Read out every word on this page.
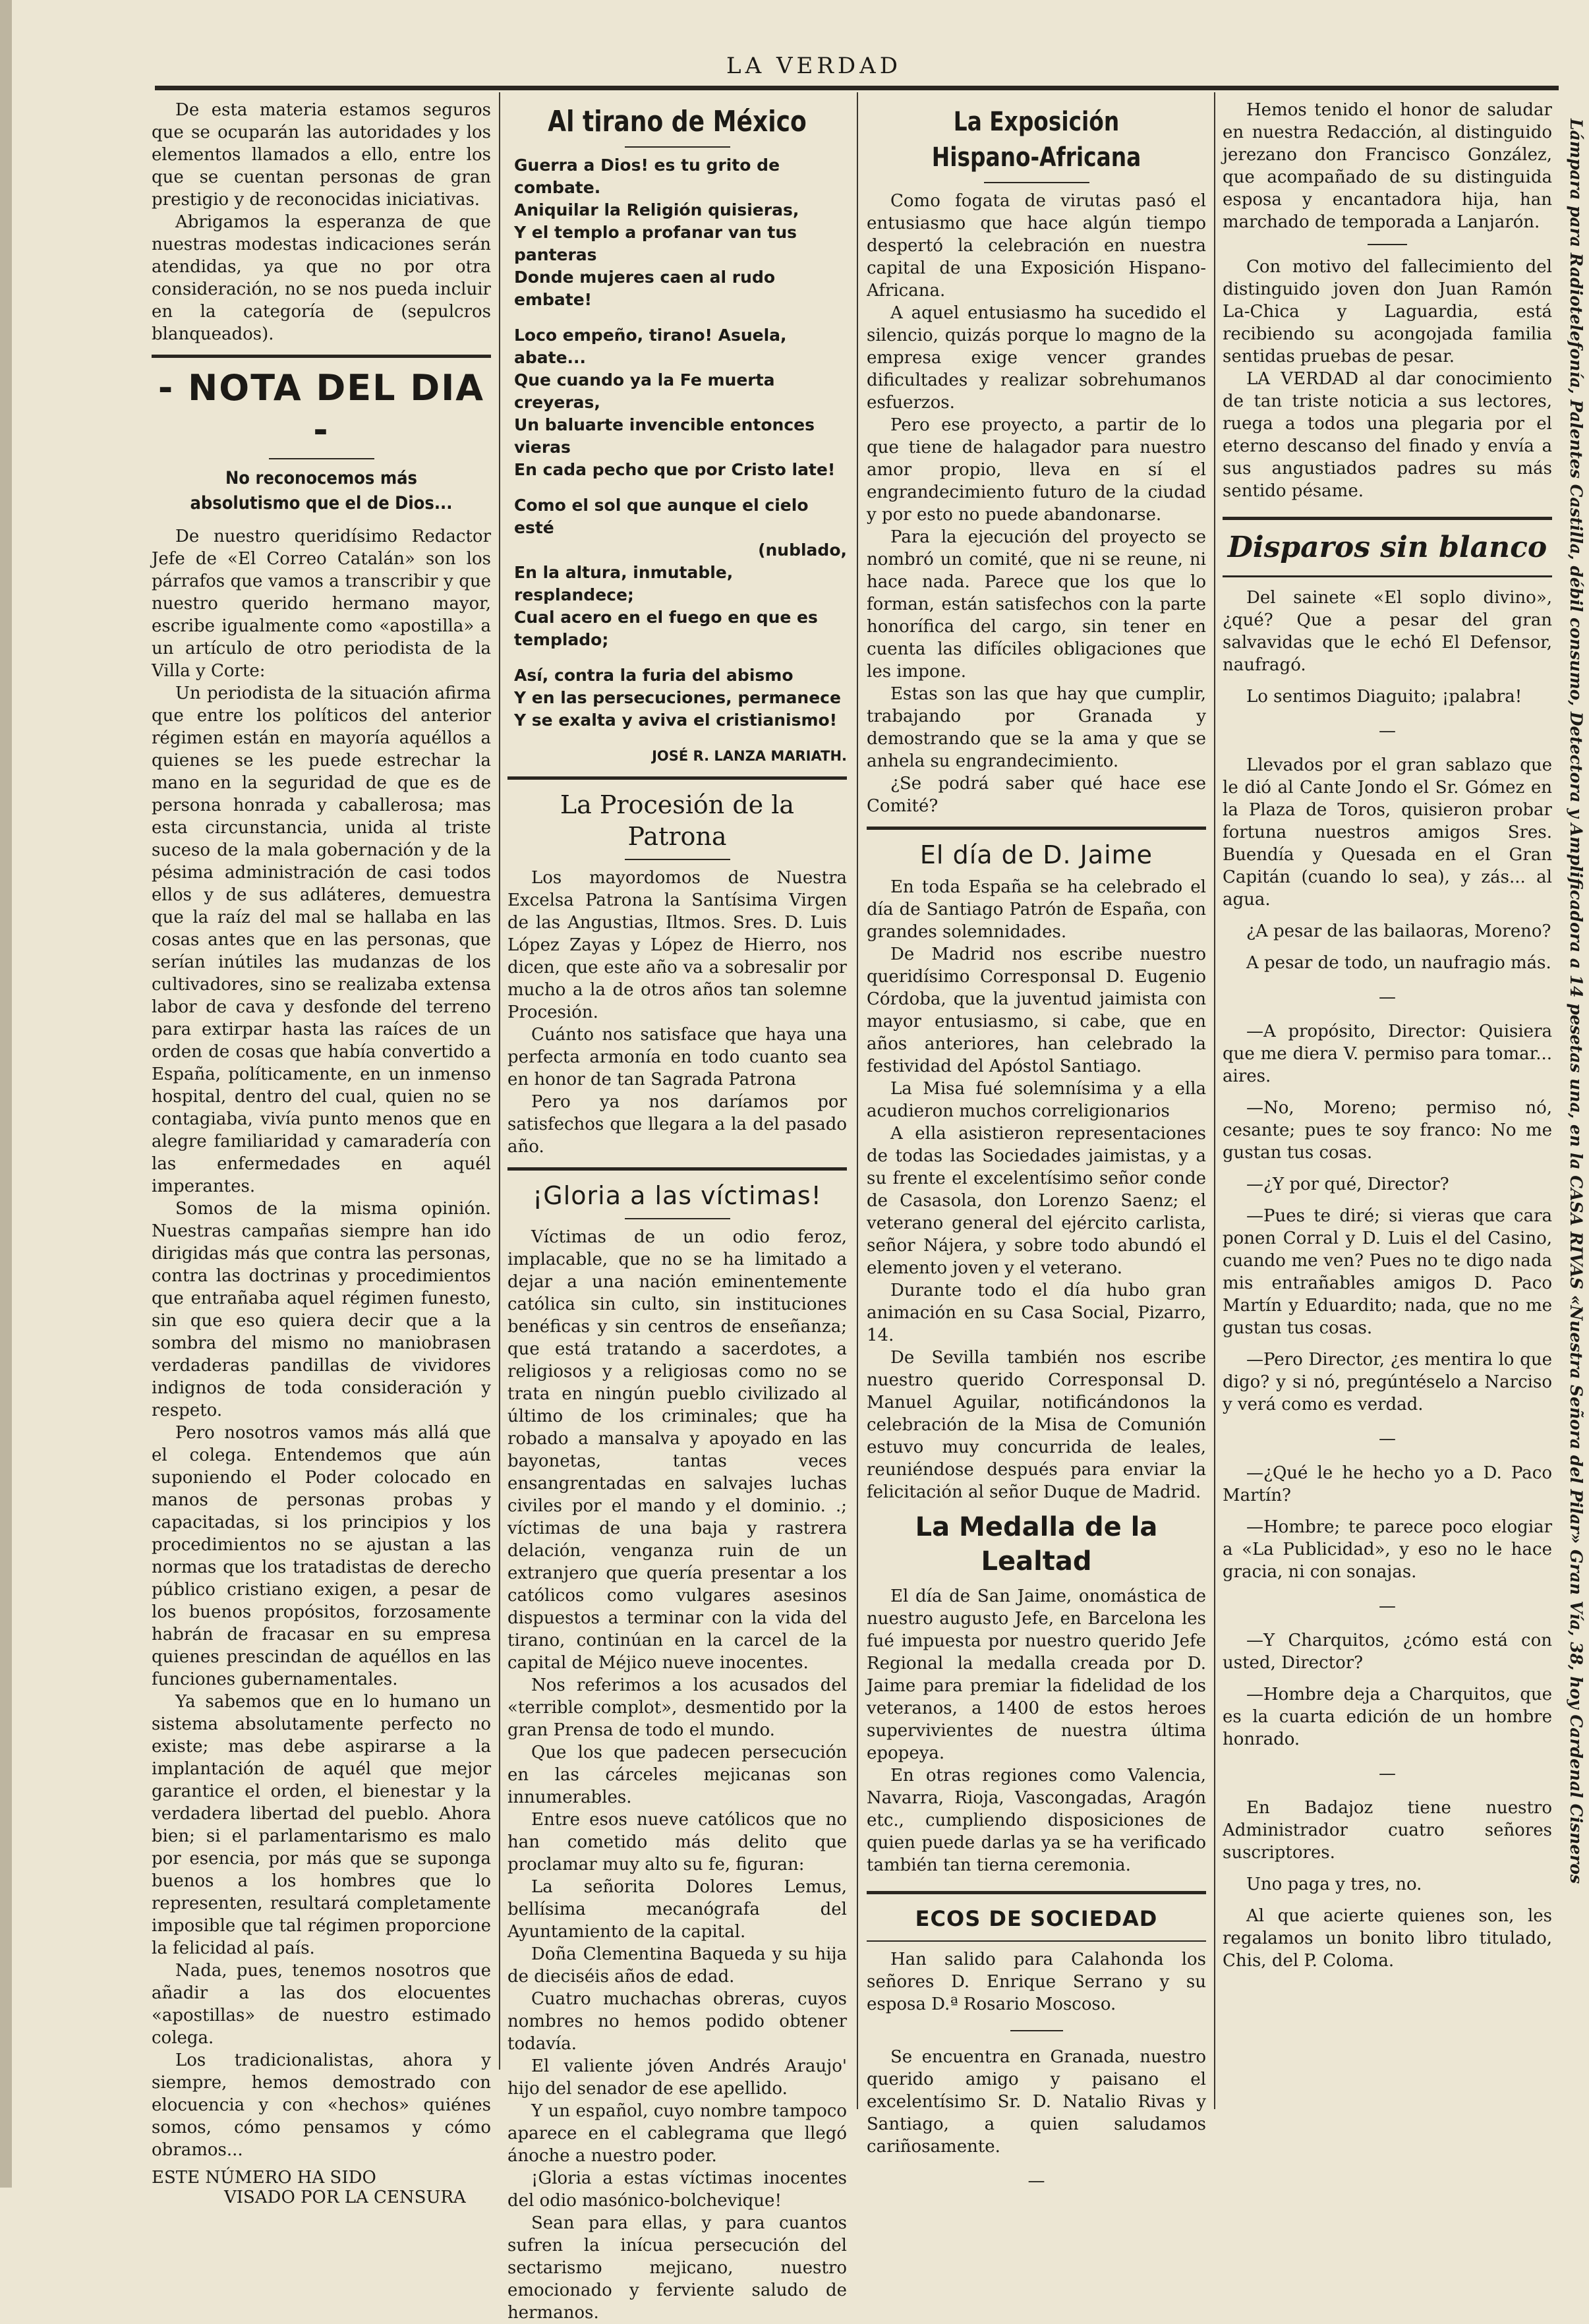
LA VERDAD

De esta materia estamos seguros que se ocuparán las autoridades y los elementos llamados a ello, entre los que se cuentan personas de gran prestigio y de reconocidas iniciativas.

Abrigamos la esperanza de que nuestras modestas indicaciones serán atendidas, ya que no por otra consideración, no se nos pueda incluir en la categoría de (sepulcros blanqueados).

- NOTA DEL DIA -
No reconocemos más absolutismo que el de Dios...

De nuestro queridísimo Redactor Jefe de «El Correo Catalán» son los párrafos que vamos a transcribir y que nuestro querido hermano mayor, escribe igualmente como «apostilla» a un artículo de otro periodista de la Villa y Corte:

Un periodista de la situación afirma que entre los políticos del anterior régimen están en mayoría aquéllos a quienes se les puede estrechar la mano en la seguridad de que es de persona honrada y caballerosa; mas esta circunstancia, unida al triste suceso de la mala gobernación y de la pésima administración de casi todos ellos y de sus adláteres, demuestra que la raíz del mal se hallaba en las cosas antes que en las personas, que serían inútiles las mudanzas de los cultivadores, sino se realizaba extensa labor de cava y desfonde del terreno para extirpar hasta las raíces de un orden de cosas que había convertido a España, políticamente, en un inmenso hospital, dentro del cual, quien no se contagiaba, vivía punto menos que en alegre familiaridad y camaradería con las enfermedades en aquél imperantes.

Somos de la misma opinión. Nuestras campañas siempre han ido dirigidas más que contra las personas, contra las doctrinas y procedimientos que entrañaba aquel régimen funesto, sin que eso quiera decir que a la sombra del mismo no maniobrasen verdaderas pandillas de vividores indignos de toda consideración y respeto.

Pero nosotros vamos más allá que el colega. Entendemos que aún suponiendo el Poder colocado en manos de personas probas y capacitadas, si los principios y los procedimientos no se ajustan a las normas que los tratadistas de derecho público cristiano exigen, a pesar de los buenos propósitos, forzosamente habrán de fracasar en su empresa quienes prescindan de aquéllos en las funciones gubernamentales.

Ya sabemos que en lo humano un sistema absolutamente perfecto no existe; mas debe aspirarse a la implantación de aquél que mejor garantice el orden, el bienestar y la verdadera libertad del pueblo. Ahora bien; si el parlamentarismo es malo por esencia, por más que se suponga buenos a los hombres que lo representen, resultará completamente imposible que tal régimen proporcione la felicidad al país.

Nada, pues, tenemos nosotros que añadir a las dos elocuentes «apostillas» de nuestro estimado colega.

Los tradicionalistas, ahora y siempre, hemos demostrado con elocuencia y con «hechos» quiénes somos, cómo pensamos y cómo obramos...

ESTE NÚMERO HA SIDO
VISADO POR LA CENSURA
Al tirano de México
Guerra a Dios! es tu grito de combate.
Aniquilar la Religión quisieras,
Y el templo a profanar van tus panteras
Donde mujeres caen al rudo embate!
Loco empeño, tirano! Asuela, abate...
Que cuando ya la Fe muerta creyeras,
Un baluarte invencible entonces vieras
En cada pecho que por Cristo late!
Como el sol que aunque el cielo esté
(nublado,
En la altura, inmutable, resplandece;
Cual acero en el fuego en que es templado;
Así, contra la furia del abismo
Y en las persecuciones, permanece
Y se exalta y aviva el cristianismo!
JOSÉ R. LANZA MARIATH.
La Procesión de la Patrona

Los mayordomos de Nuestra Excelsa Patrona la Santísima Virgen de las Angustias, Iltmos. Sres. D. Luis López Zayas y López de Hierro, nos dicen, que este año va a sobresalir por mucho a la de otros años tan solemne Procesión.

Cuánto nos satisface que haya una perfecta armonía en todo cuanto sea en honor de tan Sagrada Patrona

Pero ya nos daríamos por satisfechos que llegara a la del pasado año.

¡Gloria a las víctimas!

Víctimas de un odio feroz, implacable, que no se ha limitado a dejar a una nación eminentemente católica sin culto, sin instituciones benéficas y sin centros de enseñanza; que está tratando a sacerdotes, a religiosos y a religiosas como no se trata en ningún pueblo civilizado al último de los criminales; que ha robado a mansalva y apoyado en las bayonetas, tantas veces ensangrentadas en salvajes luchas civiles por el mando y el dominio. .; víctimas de una baja y rastrera delación, venganza ruin de un extranjero que quería presentar a los católicos como vulgares asesinos dispuestos a terminar con la vida del tirano, continúan en la carcel de la capital de Méjico nueve inocentes.

Nos referimos a los acusados del «terrible complot», desmentido por la gran Prensa de todo el mundo.

Que los que padecen persecución en las cárceles mejicanas son innumerables.

Entre esos nueve católicos que no han cometido más delito que proclamar muy alto su fe, figuran:

La señorita Dolores Lemus, bellísima mecanógrafa del Ayuntamiento de la capital.

Doña Clementina Baqueda y su hija de dieciséis años de edad.

Cuatro muchachas obreras, cuyos nombres no hemos podido obtener todavía.

El valiente jóven Andrés Araujo' hijo del senador de ese apellido.

Y un español, cuyo nombre tampoco aparece en el cablegrama que llegó ánoche a nuestro poder.

¡Gloria a estas víctimas inocentes del odio masónico-bolchevique!

Sean para ellas, y para cuantos sufren la inícua persecución del sectarismo mejicano, nuestro emocionado y ferviente saludo de hermanos.

La Exposición Hispano-Africana

Como fogata de virutas pasó el entusiasmo que hace algún tiempo despertó la celebración en nuestra capital de una Exposición Hispano-Africana.

A aquel entusiasmo ha sucedido el silencio, quizás porque lo magno de la empresa exige vencer grandes dificultades y realizar sobrehumanos esfuerzos.

Pero ese proyecto, a partir de lo que tiene de halagador para nuestro amor propio, lleva en sí el engrandecimiento futuro de la ciudad y por esto no puede abandonarse.

Para la ejecución del proyecto se nombró un comité, que ni se reune, ni hace nada. Parece que los que lo forman, están satisfechos con la parte honorífica del cargo, sin tener en cuenta las difíciles obligaciones que les impone.

Estas son las que hay que cumplir, trabajando por Granada y demostrando que se la ama y que se anhela su engrandecimiento.

¿Se podrá saber qué hace ese Comité?

El día de D. Jaime

En toda España se ha celebrado el día de Santiago Patrón de España, con grandes solemnidades.

De Madrid nos escribe nuestro queridísimo Corresponsal D. Eugenio Córdoba, que la juventud jaimista con mayor entusiasmo, si cabe, que en años anteriores, han celebrado la festividad del Apóstol Santiago.

La Misa fué solemnísima y a ella acudieron muchos correligionarios

A ella asistieron representaciones de todas las Sociedades jaimistas, y a su frente el excelentísimo señor conde de Casasola, don Lorenzo Saenz; el veterano general del ejército carlista, señor Nájera, y sobre todo abundó el elemento joven y el veterano.

Durante todo el día hubo gran animación en su Casa Social, Pizarro, 14.

De Sevilla también nos escribe nuestro querido Corresponsal D. Manuel Aguilar, notificándonos la celebración de la Misa de Comunión estuvo muy concurrida de leales, reuniéndose después para enviar la felicitación al señor Duque de Madrid.

La Medalla de la Lealtad

El día de San Jaime, onomástica de nuestro augusto Jefe, en Barcelona les fué impuesta por nuestro querido Jefe Regional la medalla creada por D. Jaime para premiar la fidelidad de los veteranos, a 1400 de estos heroes supervivientes de nuestra última epopeya.

En otras regiones como Valencia, Navarra, Rioja, Vascongadas, Aragón etc., cumpliendo disposiciones de quien puede darlas ya se ha verificado también tan tierna ceremonia.

ECOS DE SOCIEDAD

Han salido para Calahonda los señores D. Enrique Serrano y su esposa D.ª Rosario Moscoso.

Se encuentra en Granada, nuestro querido amigo y paisano el excelentísimo Sr. D. Natalio Rivas y Santiago, a quien saludamos cariñosamente.

—

Hemos tenido el honor de saludar en nuestra Redacción, al distinguido jerezano don Francisco González, que acompañado de su distinguida esposa y encantadora hija, han marchado de temporada a Lanjarón.

Con motivo del fallecimiento del distinguido joven don Juan Ramón La-Chica y Laguardia, está recibiendo su acongojada familia sentidas pruebas de pesar.

LA VERDAD al dar conocimiento de tan triste noticia a sus lectores, ruega a todos una plegaria por el eterno descanso del finado y envía a sus angustiados padres su más sentido pésame.

Disparos sin blanco

Del sainete «El soplo divino», ¿qué? Que a pesar del gran salvavidas que le echó El Defensor, naufragó.

Lo sentimos Diaguito; ¡palabra!

—

Llevados por el gran sablazo que le dió al Cante Jondo el Sr. Gómez en la Plaza de Toros, quisieron probar fortuna nuestros amigos Sres. Buendía y Quesada en el Gran Capitán (cuando lo sea), y zás... al agua.

¿A pesar de las bailaoras, Moreno?

A pesar de todo, un naufragio más.

—

—A propósito, Director: Quisiera que me diera V. permiso para tomar... aires.

—No, Moreno; permiso nó, cesante; pues te soy franco: No me gustan tus cosas.

—¿Y por qué, Director?

—Pues te diré; si vieras que cara ponen Corral y D. Luis el del Casino, cuando me ven? Pues no te digo nada mis entrañables amigos D. Paco Martín y Eduardito; nada, que no me gustan tus cosas.

—Pero Director, ¿es mentira lo que digo? y si nó, pregúntéselo a Narciso y verá como es verdad.

—

—¿Qué le he hecho yo a D. Paco Martín?

—Hombre; te parece poco elogiar a «La Publicidad», y eso no le hace gracia, ni con sonajas.

—

—Y Charquitos, ¿cómo está con usted, Director?

—Hombre deja a Charquitos, que es la cuarta edición de un hombre honrado.

—

En Badajoz tiene nuestro Administrador cuatro señores suscriptores.

Uno paga y tres, no.

Al que acierte quienes son, les regalamos un bonito libro titulado, Chis, del P. Coloma.

Lámpara para Radiotelefonía, Palentes Castilla, débil consumo, Detectora y Amplificadora a 14 pesetas una, en la CASA RIVAS «Nuestra Señora del Pilar» Gran Vía, 38, hoy Cardenal Cisneros
